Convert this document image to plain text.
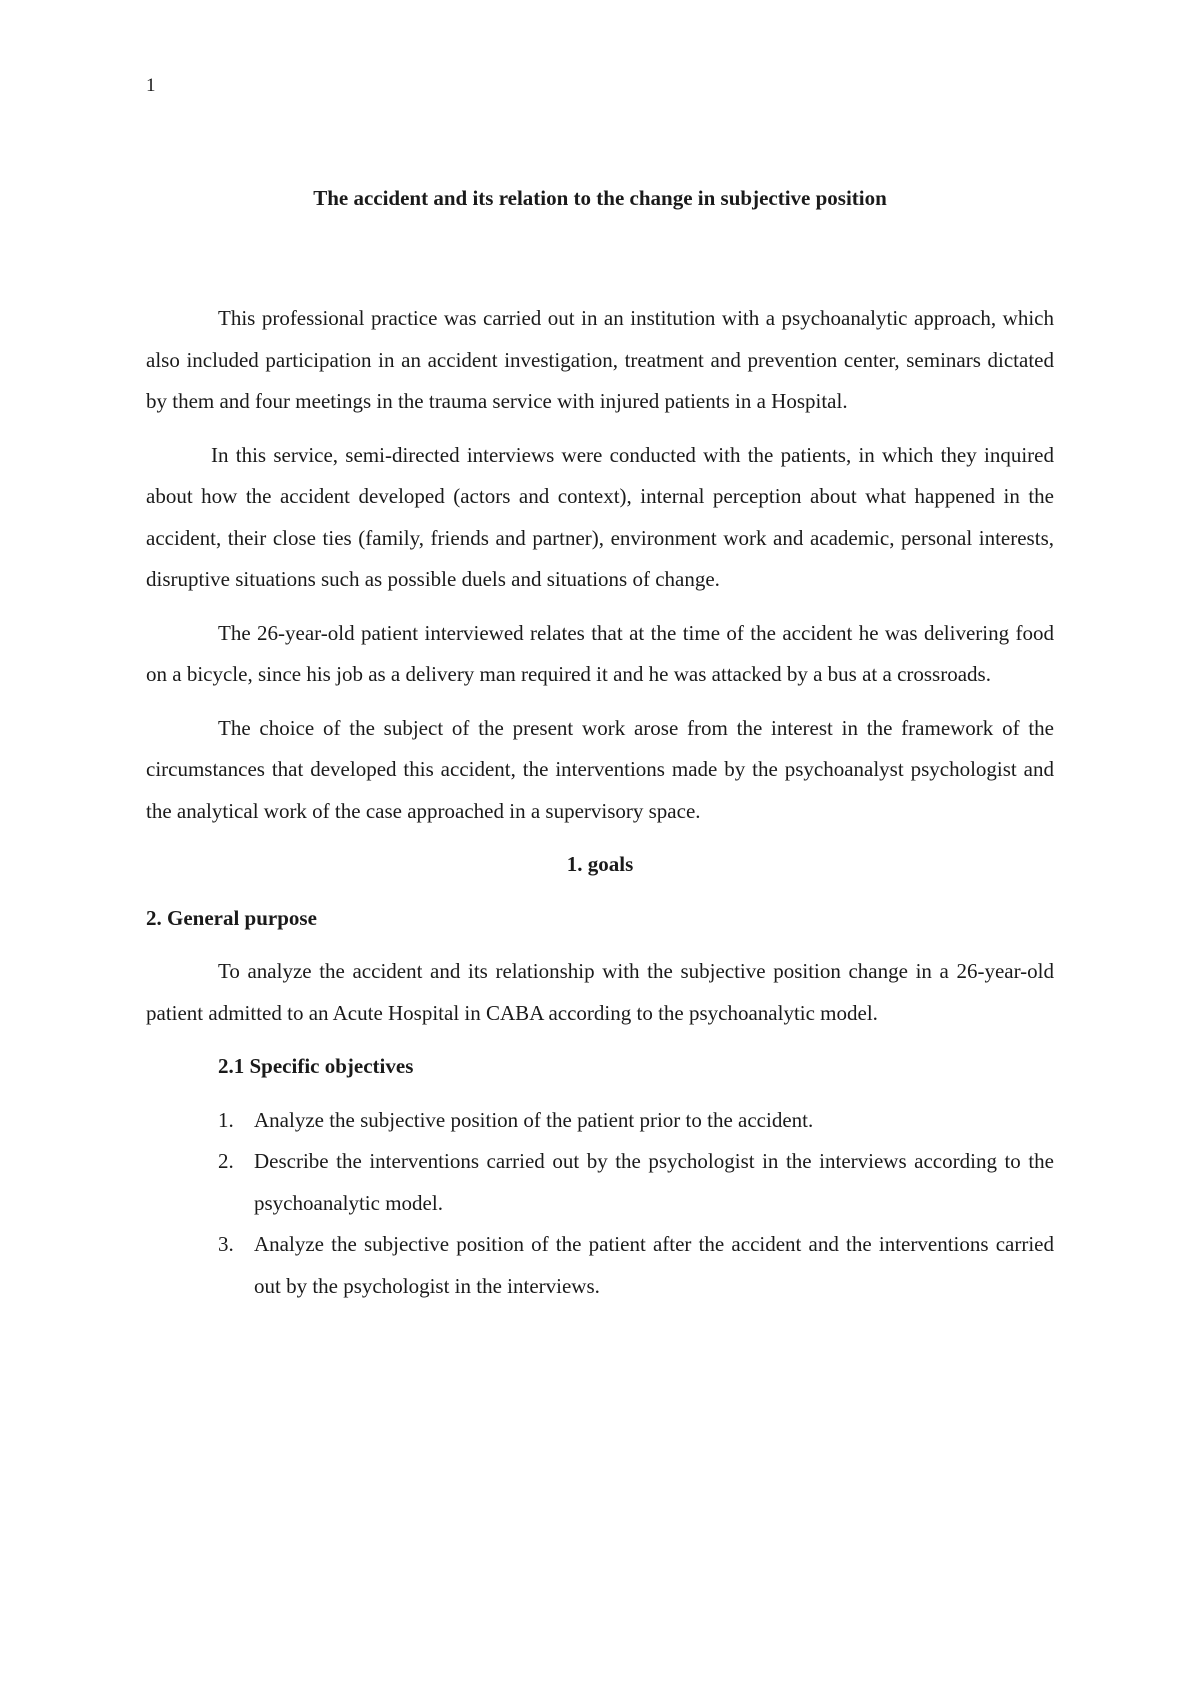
1
The accident and its relation to the change in subjective position

This professional practice was carried out in an institution with a psychoanalytic approach, which also included participation in an accident investigation, treatment and prevention center, seminars dictated by them and four meetings in the trauma service with injured patients in a Hospital.

In this service, semi-directed interviews were conducted with the patients, in which they inquired about how the accident developed (actors and context), internal perception about what happened in the accident, their close ties (family, friends and partner), environment work and academic, personal interests, disruptive situations such as possible duels and situations of change.

The 26-year-old patient interviewed relates that at the time of the accident he was delivering food on a bicycle, since his job as a delivery man required it and he was attacked by a bus at a crossroads.

The choice of the subject of the present work arose from the interest in the framework of the circumstances that developed this accident, the interventions made by the psychoanalyst psychologist and the analytical work of the case approached in a supervisory space.

1. goals

2. General purpose

To analyze the accident and its relationship with the subjective position change in a 26-year-old patient admitted to an Acute Hospital in CABA according to the psychoanalytic model.

2.1 Specific objectives

1. Analyze the subjective position of the patient prior to the accident.
2. Describe the interventions carried out by the psychologist in the interviews according to the psychoanalytic model.
3. Analyze the subjective position of the patient after the accident and the interventions carried out by the psychologist in the interviews.
